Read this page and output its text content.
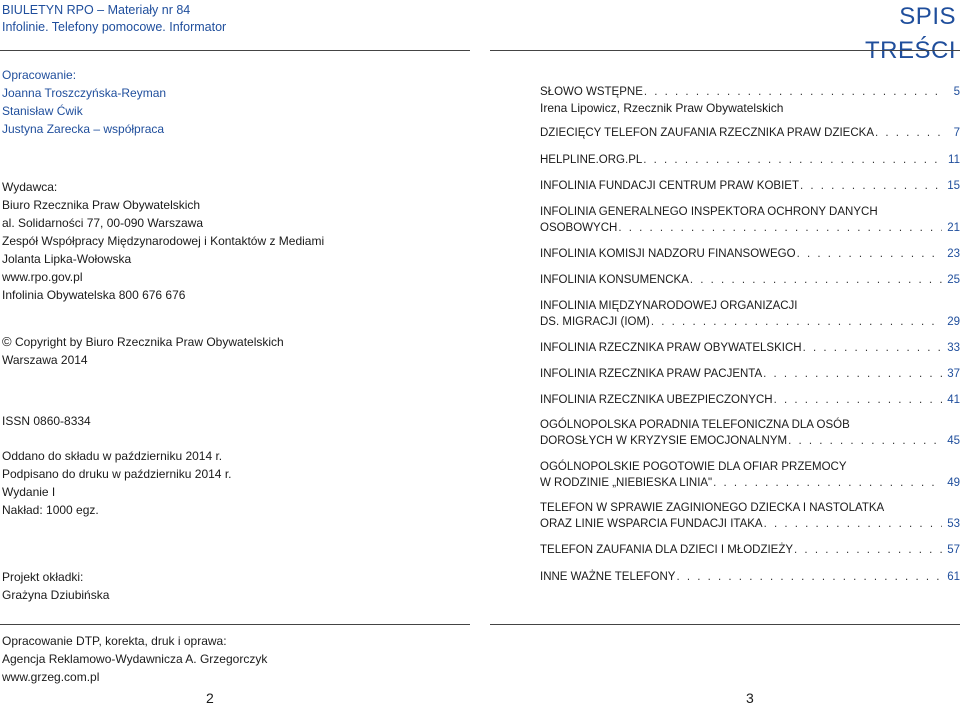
BIULETYN RPO – Materiały nr 84
Infolinie. Telefony pomocowe. Informator	SPIS TREŚCI
Opracowanie:
Joanna Troszczyńska-Reyman
Stanisław Ćwik
Justyna Zarecka – współpraca
Wydawca:
Biuro Rzecznika Praw Obywatelskich
al. Solidarności 77, 00-090 Warszawa
Zespół Współpracy Międzynarodowej i Kontaktów z Mediami
Jolanta Lipka-Wołowska
www.rpo.gov.pl
Infolinia Obywatelska 800 676 676
© Copyright by Biuro Rzecznika Praw Obywatelskich
Warszawa 2014
ISSN 0860-8334
Oddano do składu w październiku 2014 r.
Podpisano do druku w październiku 2014 r.
Wydanie I
Nakład: 1000 egz.
Projekt okładki:
Grażyna Dziubińska
Opracowanie DTP, korekta, druk i oprawa:
Agencja Reklamowo-Wydawnicza A. Grzegorczyk
www.grzeg.com.pl
SŁOWO WSTĘPNE . . .	5
Irena Lipowicz, Rzecznik Praw Obywatelskich
DZIECIĘCY TELEFON ZAUFANIA RZECZNIKA PRAW DZIECKA . . .	7
HELPLINE.ORG.PL . . .	11
INFOLINIA FUNDACJI CENTRUM PRAW KOBIET . . .	15
INFOLINIA GENERALNEGO INSPEKTORA OCHRONY DANYCH
OSOBOWYCH . . .	21
INFOLINIA KOMISJI NADZORU FINANSOWEGO . . .	23
INFOLINIA KONSUMENCKA . . .	25
INFOLINIA MIĘDZYNARODOWEJ ORGANIZACJI
DS. MIGRACJI (IOM) . . .	29
INFOLINIA RZECZNIKA PRAW OBYWATELSKICH . . .	33
INFOLINIA RZECZNIKA PRAW PACJENTA . . .	37
INFOLINIA RZECZNIKA UBEZPIECZONYCH . . .	41
OGÓLNOPOLSKA PORADNIA TELEFONICZNA DLA OSÓB
DOROSŁYCH W KRYZYSIE EMOCJONALNYM . . .	45
OGÓLNOPOLSKIE POGOTOWIE DLA OFIAR PRZEMOCY
W RODZINIE „NIEBIESKA LINIA" . . .	49
TELEFON W SPRAWIE ZAGINIONEGO DZIECKA I NASTOLATKA
ORAZ LINIE WSPARCIA FUNDACJI ITAKA . . .	53
TELEFON ZAUFANIA DLA DZIECI I MŁODZIEŻY . . .	57
INNE WAŻNE TELEFONY . . .	61
2	3
